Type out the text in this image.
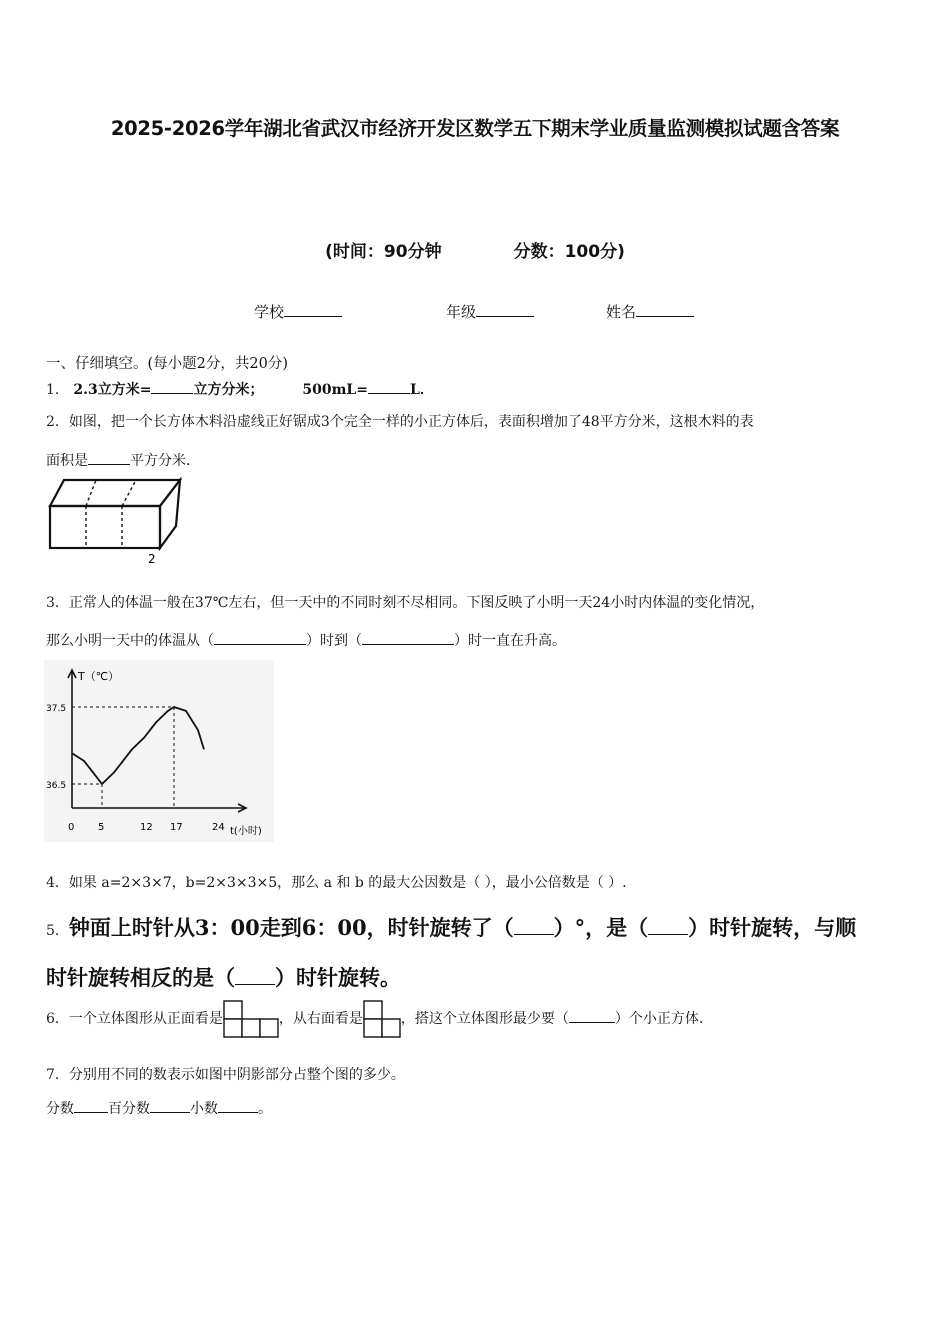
2025-2026学年湖北省武汉市经济开发区数学五下期末学业质量监测模拟试题含答案
(时间：90分钟	分数：100分)
学校	年级	姓名
一、仔细填空。(每小题2分，共20分)
1． 2.3立方米=	立方分米；	500mL=	L．
2．如图，把一个长方体木料沿虚线正好锯成3个完全一样的小正方体后，表面积增加了48平方分米，这根木料的表
面积是	平方分米．
2
3．正常人的体温一般在37℃左右，但一天中的不同时刻不尽相同。下图反映了小明一天24小时内体温的变化情况，
那么小明一天中的体温从（	）时到（	）时一直在升高。
T（℃）
t(小时)
0 5	12 17	24
37.5
36.5
4．如果 a=2×3×7，b=2×3×3×5，那么 a 和 b 的最大公因数是（ ），最小公倍数是（ ）.
5．钟面上时针从3：00走到6：00，时针旋转了（ ）°，是（ ）时针旋转，与顺
时针旋转相反的是（ ）时针旋转。
6．一个立体图形从正面看是	，从右面看是	，搭这个立体图形最少要（	）个小正方体.
7．分别用不同的数表示如图中阴影部分占整个图的多少。
分数 百分数	小数	。
